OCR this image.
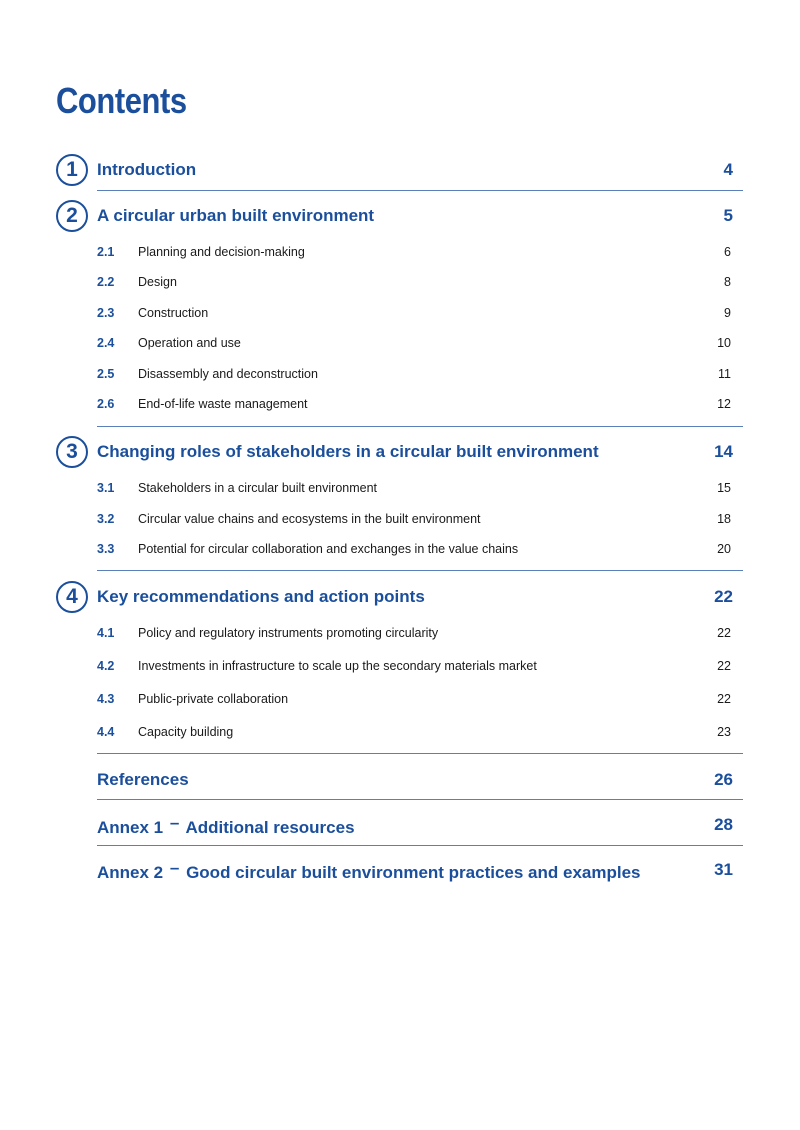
Contents
1	Introduction	4
2	A circular urban built environment	5
2.1 Planning and decision-making	6
2.2 Design	8
2.3 Construction	9
2.4 Operation and use	10
2.5 Disassembly and deconstruction	11
2.6 End-of-life waste management	12
3	Changing roles of stakeholders in a circular built environment	14
3.1 Stakeholders in a circular built environment	15
3.2 Circular value chains and ecosystems in the built environment	18
3.3 Potential for circular collaboration and exchanges in the value chains	20
4	Key recommendations and action points	22
4.1 Policy and regulatory instruments promoting circularity	22
4.2 Investments in infrastructure to scale up the secondary materials market	22
4.3 Public-private collaboration	22
4.4 Capacity building	23
References	26
Annex 1 – Additional resources	28
Annex 2 – Good circular built environment practices and examples	31
